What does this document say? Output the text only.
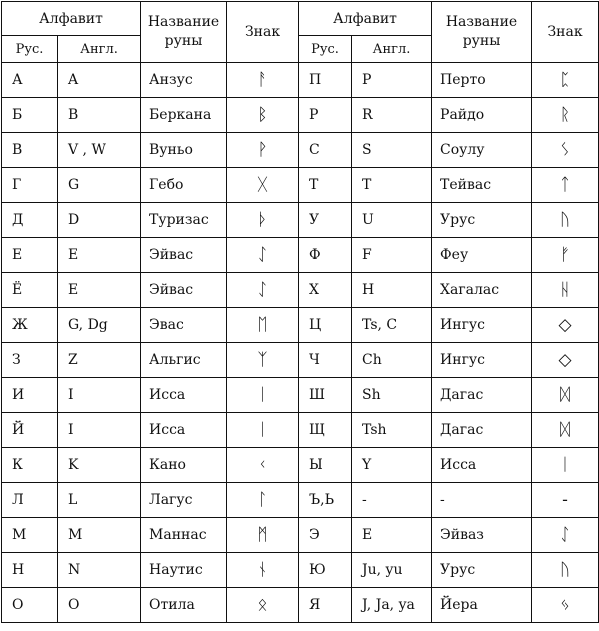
Алфавит		Название руны	Знак	Алфавит		Название руны	Знак
Рус.	Англ.			Рус.	Англ.		
А	A	Анзус	ᚨ	П	P	Перто	ᛈ
Б	B	Беркана	ᛒ	Р	R	Райдо	ᚱ
В	V , W	Вуньо	ᚹ	С	S	Соулу	ᛊ
Г	G	Гебо	ᚷ	Т	T	Тейвас	ᛏ
Д	D	Туризас	ᚦ	У	U	Урус	ᚢ
Е	E	Эйвас	ᛇ	Ф	F	Феу	ᚠ
Ё	E	Эйвас	ᛇ	Х	H	Хагалас	ᚺ
Ж	G, Dg	Эвас	ᛖ	Ц	Ts, C	Ингус	◇
З	Z	Альгис	ᛉ	Ч	Ch	Ингус	◇
И	I	Исса	ᛁ	Ш	Sh	Дагас	ᛞ
Й	I	Исса	ᛁ	Щ	Tsh	Дагас	ᛞ
К	K	Кано	ᚲ	Ы	Y	Исса	ᛁ
Л	L	Лагус	ᛚ	Ъ,Ь	-	-	-
М	M	Маннас	ᛗ	Э	E	Эйваз	ᛇ
Н	N	Наутис	ᚾ	Ю	Ju, yu	Урус	ᚢ
О	O	Отила	ᛟ	Я	J, Ja, ya	Йера	ᛃ
